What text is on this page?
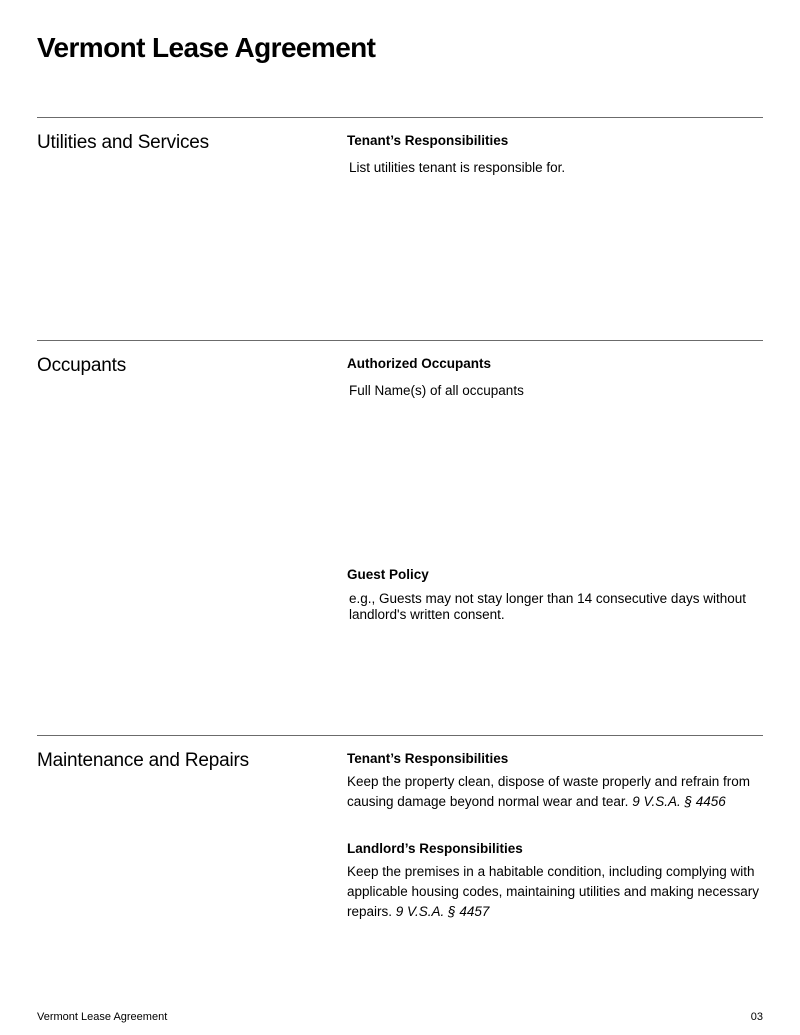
Vermont Lease Agreement
Utilities and Services	Tenant’s Responsibilities
List utilities tenant is responsible for.
Occupants	Authorized Occupants
Full Name(s) of all occupants
Guest Policy
e.g., Guests may not stay longer than 14 consecutive days without landlord's written consent.
Maintenance and Repairs	Tenant’s Responsibilities

Keep the property clean, dispose of waste properly and refrain from causing damage beyond normal wear and tear. 9 V.S.A. § 4456

Landlord’s Responsibilities

Keep the premises in a habitable condition, including complying with applicable housing codes, maintaining utilities and making necessary repairs. 9 V.S.A. § 4457

Vermont Lease Agreement	03
